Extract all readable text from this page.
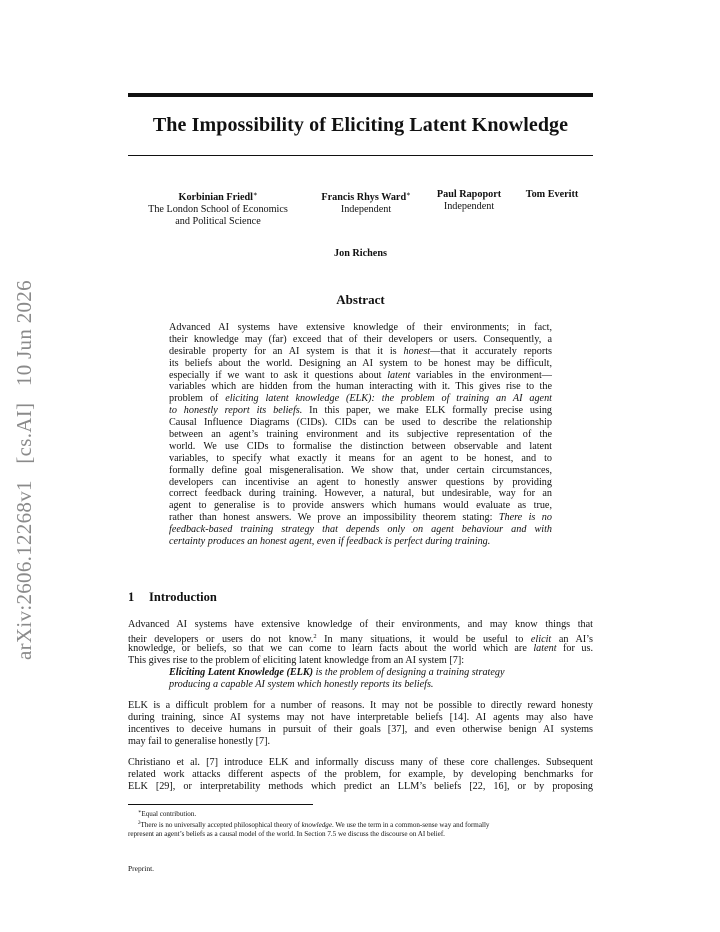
arXiv:2606.12268v1 [cs.AI] 10 Jun 2026
The Impossibility of Eliciting Latent Knowledge
Korbinian Friedl∗
The London School of Economics
and Political Science
Francis Rhys Ward∗
Independent
Paul Rapoport
Independent
Tom Everitt
Jon Richens
Abstract
Advanced AI systems have extensive knowledge of their environments; in fact,
their knowledge may (far) exceed that of their developers or users. Consequently, a
desirable property for an AI system is that it is honest—that it accurately reports
its beliefs about the world. Designing an AI system to be honest may be difficult,
especially if we want to ask it questions about latent variables in the environment—
variables which are hidden from the human interacting with it. This gives rise to the
problem of eliciting latent knowledge (ELK): the problem of training an AI agent
to honestly report its beliefs. In this paper, we make ELK formally precise using
Causal Influence Diagrams (CIDs). CIDs can be used to describe the relationship
between an agent’s training environment and its subjective representation of the
world. We use CIDs to formalise the distinction between observable and latent
variables, to specify what exactly it means for an agent to be honest, and to
formally define goal misgeneralisation. We show that, under certain circumstances,
developers can incentivise an agent to honestly answer questions by providing
correct feedback during training. However, a natural, but undesirable, way for an
agent to generalise is to provide answers which humans would evaluate as true,
rather than honest answers. We prove an impossibility theorem stating: There is no
feedback-based training strategy that depends only on agent behaviour and with
certainty produces an honest agent, even if feedback is perfect during training.
1 Introduction
Advanced AI systems have extensive knowledge of their environments, and may know things that
their developers or users do not know.$^2$ In many situations, it would be useful to elicit an AI’s
knowledge, or beliefs, so that we can come to learn facts about the world which are latent for us.
This gives rise to the problem of eliciting latent knowledge from an AI system [7]:
Eliciting Latent Knowledge (ELK) is the problem of designing a training strategy
producing a capable AI system which honestly reports its beliefs.
ELK is a difficult problem for a number of reasons. It may not be possible to directly reward honesty
during training, since AI systems may not have interpretable beliefs [14]. AI agents may also have
incentives to deceive humans in pursuit of their goals [37], and even otherwise benign AI systems
may fail to generalise honestly [7].
Christiano et al. [7] introduce ELK and informally discuss many of these core challenges. Subsequent
related work attacks different aspects of the problem, for example, by developing benchmarks for
ELK [29], or interpretability methods which predict an LLM’s beliefs [22, 16], or by proposing
∗Equal contribution.
$^2$There is no universally accepted philosophical theory of knowledge. We use the term in a common-sense way and formally
represent an agent’s beliefs as a causal model of the world. In Section 7.5 we discuss the discourse on AI belief.
Preprint.
